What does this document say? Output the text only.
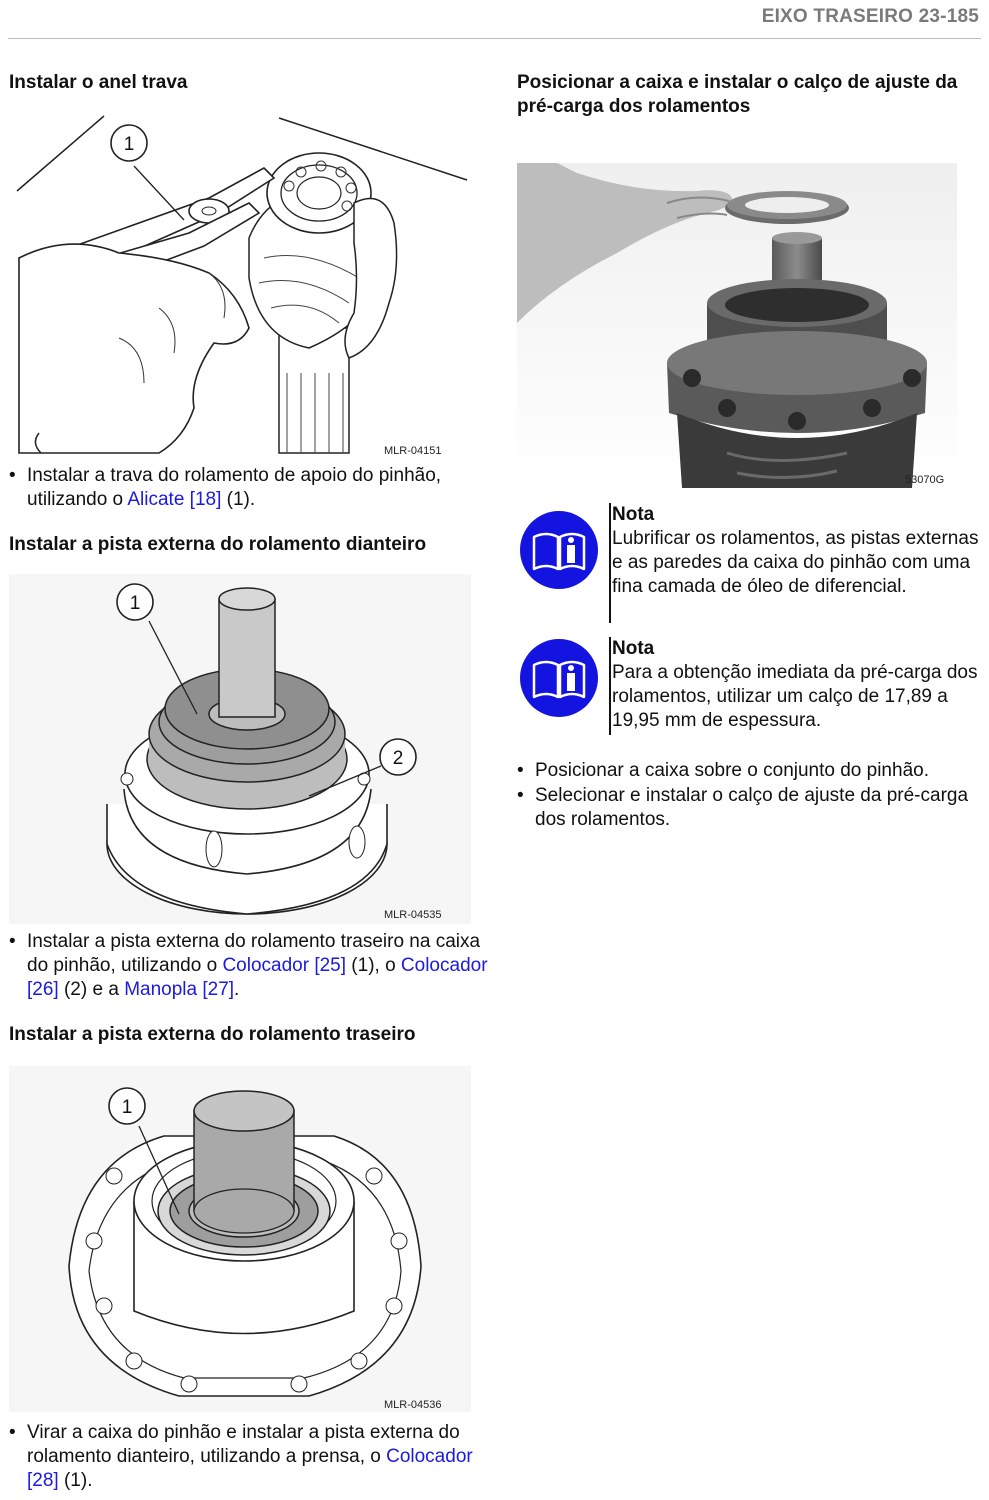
EIXO TRASEIRO 23-185
Instalar o anel trava
1
MLR-04151
• Instalar a trava do rolamento de apoio do pinhão, utilizando o Alicate [18] (1).
Instalar a pista externa do rolamento dianteiro
1
2
MLR-04535
• Instalar a pista externa do rolamento traseiro na caixa do pinhão, utilizando o Colocador [25] (1), o Colocador [26] (2) e a Manopla [27].
Instalar a pista externa do rolamento traseiro
1
MLR-04536
• Virar a caixa do pinhão e instalar a pista externa do rolamento dianteiro, utilizando a prensa, o Colocador [28] (1).
Posicionar a caixa e instalar o calço de ajuste da pré-carga dos rolamentos
53070G
Nota
Lubrificar os rolamentos, as pistas externas e as paredes da caixa do pinhão com uma fina camada de óleo de diferencial.
Nota
Para a obtenção imediata da pré-carga dos rolamentos, utilizar um calço de 17,89 a 19,95 mm de espessura.
• Posicionar a caixa sobre o conjunto do pinhão.
• Selecionar e instalar o calço de ajuste da pré-carga dos rolamentos.
